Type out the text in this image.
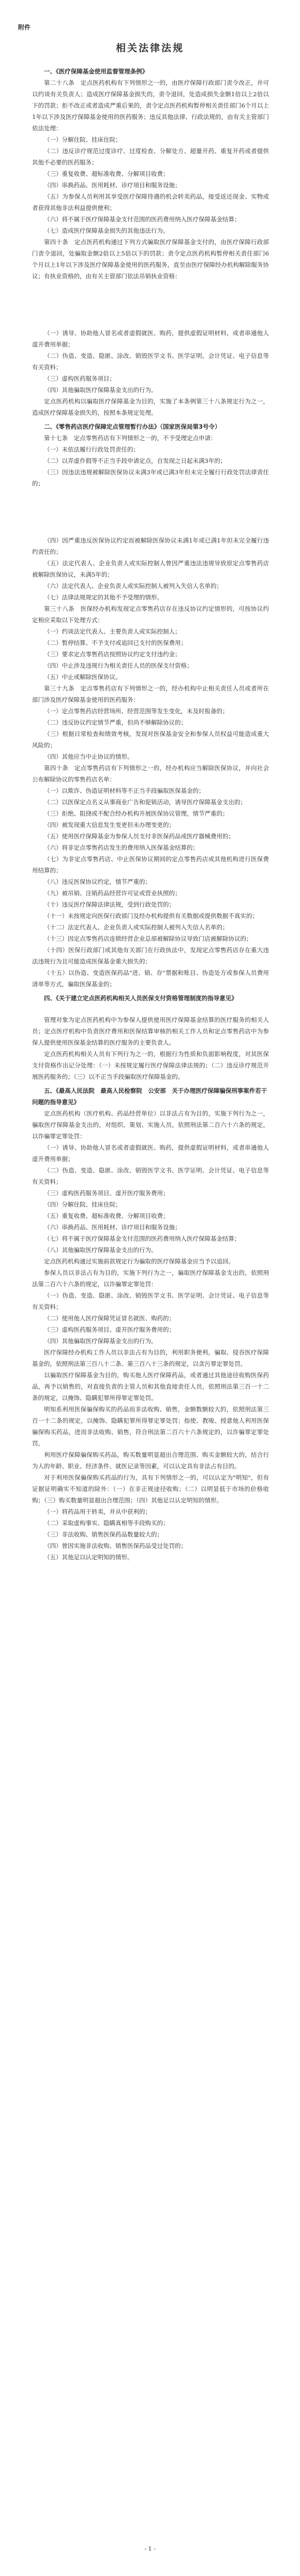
附件
相关法律法规

一、《医疗保障基金使用监督管理条例》

第二十八条　定点医药机构有下列情形之一的，由医疗保障行政部门责令改正，并可以约谈有关负责人；造成医疗保障基金损失的，责令退回，处造成损失金额1倍以上2倍以下的罚款；拒不改正或者造成严重后果的，责令定点医药机构暂停相关责任部门6个月以上1年以下涉及医疗保障基金使用的医药服务；违反其他法律、行政法规的，由有关主管部门依法处理：

（一）分解住院、挂床住院；

（二）违反诊疗规范过度诊疗、过度检查、分解处方、超量开药、重复开药或者提供其他不必要的医药服务；

（三）重复收费、超标准收费、分解项目收费；

（四）串换药品、医用耗材、诊疗项目和服务设施；

（五）为参保人员利用其享受医疗保障待遇的机会转卖药品，接受返还现金、实物或者获得其他非法利益提供便利；

（六）将不属于医疗保障基金支付范围的医药费用纳入医疗保障基金结算；

（七）造成医疗保障基金损失的其他违法行为。

第四十条　定点医药机构通过下列方式骗取医疗保障基金支付的，由医疗保障行政部门责令退回，处骗取金额2倍以上5倍以下的罚款；责令定点医药机构暂停相关责任部门6个月以上1年以下涉及医疗保障基金使用的医药服务，直至由医疗保障经办机构解除服务协议；有执业资格的，由有关主管部门依法吊销执业资格：

（一）诱导、协助他人冒名或者虚假就医、购药，提供虚假证明材料，或者串通他人虚开费用单据；

（二）伪造、变造、隐匿、涂改、销毁医学文书、医学证明、会计凭证、电子信息等有关资料；

（三）虚构医药服务项目；

（四）其他骗取医疗保障基金支出的行为。

定点医药机构以骗取医疗保障基金为目的，实施了本条例第三十八条规定行为之一，造成医疗保障基金损失的，按照本条规定处理。

二、《零售药店医疗保障定点管理暂行办法》（国家医保局第3号令）

第十七条　定点零售药店有下列情形之一的，不予受理定点申请：

（一）未依法履行行政处罚责任的；

（二）以弄虚作假等不正当手段申请定点，自发现之日起未满3年的；

（三）因违法违规被解除医保协议未满3年或已满3年但未完全履行行政处罚法律责任的；

（四）因严重违反医保协议约定而被解除医保协议未满1年或已满1年但未完全履行违约责任的；

（五）法定代表人、企业负责人或实际控制人曾因严重违法违规导致原定点零售药店被解除医保协议，未满5年的；

（六）法定代表人、企业负责人或实际控制人被列入失信人名单的；

（七）法律法规规定的其他不予受理的情形。

第三十八条　医保经办机构发现定点零售药店存在违反协议约定情形的，可按协议约定相应采取以下处理方式：

（一）约谈法定代表人、主要负责人或实际控制人；

（二）暂停结算、不予支付或追回已支付的医保费用；

（三）要求定点零售药店按照协议约定支付违约金；

（四）中止涉及违规行为相关责任人员的医保支付资格；

（五）中止或解除医保协议。

第三十九条　定点零售药店有下列情形之一的，经办机构中止相关责任人员或者所在部门涉及医疗保障基金使用的医药服务：

（一）定点零售药店经营场所、经营范围等发生变化，未及时报备的；

（二）违反协议约定情节严重，但尚不够解除协议的；

（三）根据日常检查和绩效考核，发现对医保基金安全和参保人员权益可能造成重大风险的；

（四）其他应当中止协议的情形。

第四十条　定点零售药店有下列情形之一的，经办机构应当解除医保协议，并向社会公布解除协议的零售药店名单：

（一）以欺诈、伪造证明材料等不正当手段骗取医保基金的；

（二）以医保定点名义从事商业广告和促销活动，诱导医疗保障基金支出的；

（三）拒绝、阻挠或不配合经办机构开展医保协议管理，情节严重的；

（四）被发现重大信息发生变更但未办理变更的；

（五）使用医疗保障基金为参保人员支付非医保药品或医疗器械费用的；

（六）将非定点零售药店发生的费用纳入医保基金结算的；

（七）为非定点零售药店、中止医保协议期间的定点零售药店或其他机构进行医保费用结算的；

（八）违反医保协议约定，情节严重的；

（九）被吊销、注销药品经营许可证或营业执照的；

（十）违反医疗保障法律法规，受到行政处罚的；

（十一）未按规定向医保行政部门及经办机构提供有关数据或提供数据不真实的；

（十二）法定代表人、企业负责人或实际控制人被列入失信人名单的；

（十三）因定点零售药店连锁经营企业总部被解除协议导致门店被解除协议的；

（十四）医保行政部门或其他有关部门在行政执法中，发现定点零售药店存在重大违法违规行为且可能造成医保基金重大损失的；

（十五）以伪造、变造医保药品"进、销、存"票据和账目、伪造处方或参保人员费用清单等方式，骗取医保基金的；

四、《关于建立定点医药机构相关人员医保支付资格管理制度的指导意见》

管理对象为定点医药机构中为参保人提供使用医疗保障基金结算的医疗服务的相关人员；定点医疗机构中负责医疗费用和医保结算审核的相关工作人员和定点零售药店中为参保人提供使用医保基金结算的医疗服务的主要负责人。

定点医药机构相关人员有下列行为之一的，根据行为性质和负面影响程度，对其医保支付资格作出记分处理：（一）未按规定履行医疗保障法律法规的；（二）违反诊疗规范开展医药服务的；（三）以不正当手段骗取医疗保障基金的。

五、《最高人民法院　最高人民检察院　公安部　关于办理医疗保障骗保刑事案件若干问题的指导意见》

定点医药机构（医疗机构、药品经营单位）以非法占有为目的，实施下列行为之一，骗取医疗保障基金支出的，对组织、策划、实施人员，依照刑法第二百六十六条的规定，以诈骗罪定罪处罚：

（一）诱导、协助他人冒名或者虚假就医、购药，提供虚假证明材料，或者串通他人虚开费用单据；

（二）伪造、变造、隐匿、涂改、销毁医学文书、医学证明、会计凭证、电子信息等有关资料；

（三）虚构医药服务项目、虚开医疗服务费用；

（四）分解住院、挂床住院；

（五）重复收费、超标准收费、分解项目收费；

（六）串换药品、医用耗材、诊疗项目和服务设施；

（七）将不属于医疗保障基金支付范围的医药费用纳入医疗保障基金结算；

（八）其他骗取医疗保障基金支出的行为。

定点医药机构通过实施前款规定行为骗取的医疗保障基金应当予以追回。

参保人员以非法占有为目的，实施下列行为之一，骗取医疗保障基金支出的，依照刑法第二百六十六条的规定，以诈骗罪定罪处罚：

（一）伪造、变造、隐匿、涂改、销毁医学文书、医学证明、会计凭证、电子信息等有关资料；

（二）使用他人医疗保障凭证冒名就医、购药的；

（三）虚构医药服务项目、虚开医疗服务费用的；

（四）其他骗取医疗保障基金支出的行为。

医疗保障经办机构工作人员以非法占有为目的，利用职务便利，骗取、侵吞医疗保障基金的，依照刑法第三百八十二条、第三百八十三条的规定，以贪污罪定罪处罚。

以骗取医疗保障基金为目的，购买他人医疗保障药品，或者通过其他途径收购医保药品，再予以销售的，对直接负责的主管人员和其他直接责任人员，依照刑法第三百一十二条的规定，以掩饰、隐瞒犯罪所得罪定罪处罚。

明知系利用医保骗保购买的药品而非法收购、销售，金额数额较大的，依照刑法第三百一十二条的规定，以掩饰、隐瞒犯罪所得罪定罪处罚；指使、教唆、授意他人利用医保骗保购买药品，进而非法收购、销售，符合刑法第二百六十六条规定的，以诈骗罪定罪处罚。

利用医疗保障骗保购买药品，购买数量明显超出合理范围、购买金额较大的，结合行为人的年龄、职业、经济条件、就医记录等因素，可以认定具有非法占有目的。

对于利用医保骗保购买药品的行为，具有下列情形之一的，可以认定为"明知"，但有证据证明确实不知道的除外：（一）在非正规途径收购；（二）以明显低于市场的价格收购；（三）购买数量明显超出合理范围；（四）其他足以认定明知的情形。

（一）将药品用于转卖，并从中获利的；

（二）采取虚构事实、隐瞒真相等手段购买的；

（三）非法收购、销售医保药品数量较大的；

（四）曾因实施非法收购、销售医保药品受过处罚的；

（五）其他足以认定明知的情形。

- 1 -
